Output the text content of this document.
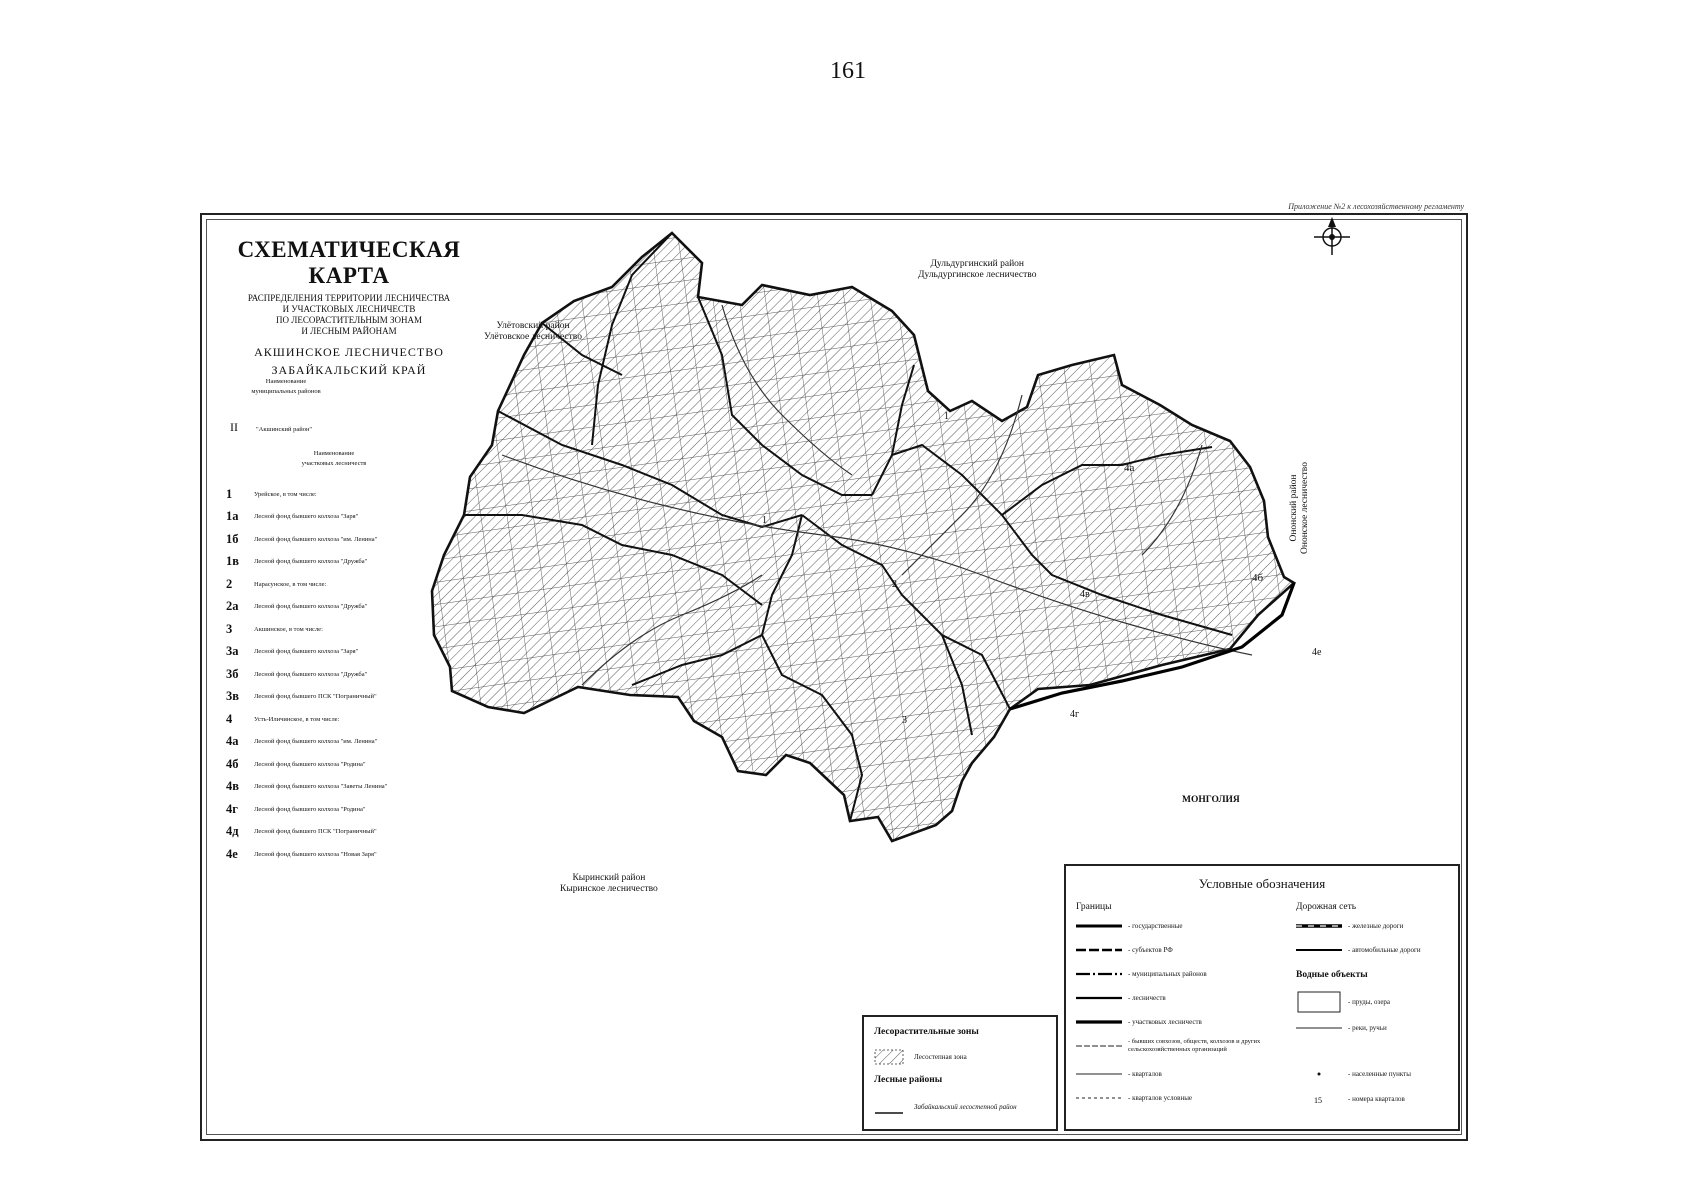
161
Приложение №2 к лесохозяйственному регламенту
СХЕМАТИЧЕСКАЯ КАРТА
РАСПРЕДЕЛЕНИЯ ТЕРРИТОРИИ ЛЕСНИЧЕСТВА
И УЧАСТКОВЫХ ЛЕСНИЧЕСТВ
ПО ЛЕСОРАСТИТЕЛЬНЫМ ЗОНАМ
И ЛЕСНЫМ РАЙОНАМ
АКШИНСКОЕ ЛЕСНИЧЕСТВО
ЗАБАЙКАЛЬСКИЙ КРАЙ
Наименование
муниципальных районов
II	"Акшинский район"
Наименование
участковых лесничеств
1	Урейское, в том числе:
1а	Лесной фонд бывшего колхоза "Заря"
1б	Лесной фонд бывшего колхоза "им. Ленина"
1в	Лесной фонд бывшего колхоза "Дружба"
2	Нарасунское, в том числе:
2а	Лесной фонд бывшего колхоза "Дружба"
3	Акшинское, в том числе:
3а	Лесной фонд бывшего колхоза "Заря"
3б	Лесной фонд бывшего колхоза "Дружба"
3в	Лесной фонд бывшего ПСК "Пограничный"
4	Усть-Иличинское, в том числе:
4а	Лесной фонд бывшего колхоза "им. Ленина"
4б	Лесной фонд бывшего колхоза "Родина"
4в	Лесной фонд бывшего колхоза "Заветы Ленина"
4г	Лесной фонд бывшего колхоза "Родина"
4д	Лесной фонд бывшего ПСК "Пограничный"
4е	Лесной фонд бывшего колхоза "Новая Заря"
Дульдургинский район
Дульдургинское лесничество
Улётовский район
Улётовское лесничество
Ононский район Ононское лесничество
Кыринский район
Кыринское лесничество
МОНГОЛИЯ
4а
4б
4в
4е
4г
3
1
2
1
Лесорастительные зоны
Лесостепная зона
Лесные районы
Забайкальский лесостепной район
Условные обозначения
Границы
- государственные
- субъектов РФ
- муниципальных районов
- лесничеств
- участковых лесничеств
- бывших совхозов, обществ, колхозов и других сельскохозяйственных организаций
- кварталов
- кварталов условные
Дорожная сеть
- железные дороги
- автомобильные дороги
Водные объекты
- пруды, озера
- реки, ручьи
- населенные пункты
15	- номера кварталов
